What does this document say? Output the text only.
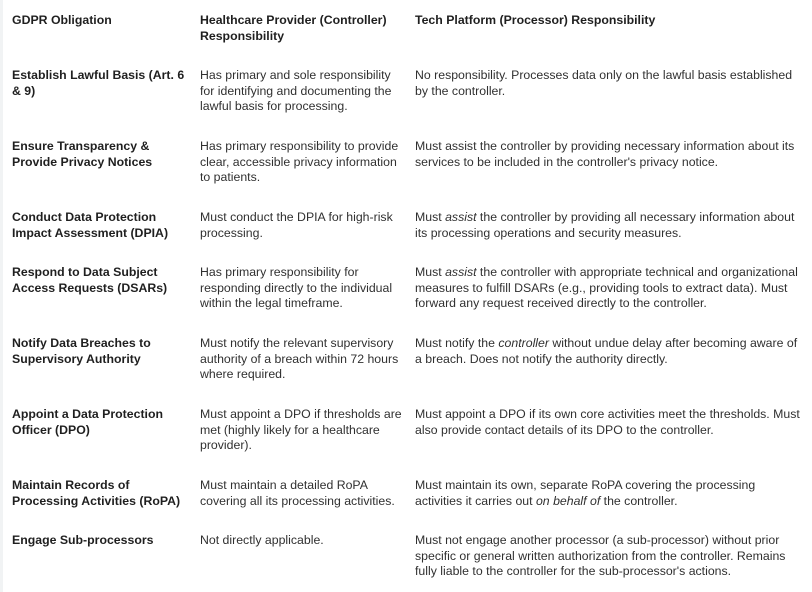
GDPR Obligation	Healthcare Provider (Controller) Responsibility	Tech Platform (Processor) Responsibility

Establish Lawful Basis (Art. 6 & 9)	Has primary and sole responsibility for identifying and documenting the lawful basis for processing.	No responsibility. Processes data only on the lawful basis established by the controller.

Ensure Transparency & Provide Privacy Notices	Has primary responsibility to provide clear, accessible privacy information to patients.	Must assist the controller by providing necessary information about its services to be included in the controller's privacy notice.

Conduct Data Protection Impact Assessment (DPIA)	Must conduct the DPIA for high-risk processing.	Must assist the controller by providing all necessary information about its processing operations and security measures.

Respond to Data Subject Access Requests (DSARs)	Has primary responsibility for responding directly to the individual within the legal timeframe.	Must assist the controller with appropriate technical and organizational measures to fulfill DSARs (e.g., providing tools to extract data). Must forward any request received directly to the controller.

Notify Data Breaches to Supervisory Authority	Must notify the relevant supervisory authority of a breach within 72 hours where required.	Must notify the controller without undue delay after becoming aware of a breach. Does not notify the authority directly.

Appoint a Data Protection Officer (DPO)	Must appoint a DPO if thresholds are met (highly likely for a healthcare provider).	Must appoint a DPO if its own core activities meet the thresholds. Must also provide contact details of its DPO to the controller.

Maintain Records of Processing Activities (RoPA)	Must maintain a detailed RoPA covering all its processing activities.	Must maintain its own, separate RoPA covering the processing activities it carries out on behalf of the controller.

Engage Sub-processors	Not directly applicable.	Must not engage another processor (a sub-processor) without prior specific or general written authorization from the controller. Remains fully liable to the controller for the sub-processor's actions.
